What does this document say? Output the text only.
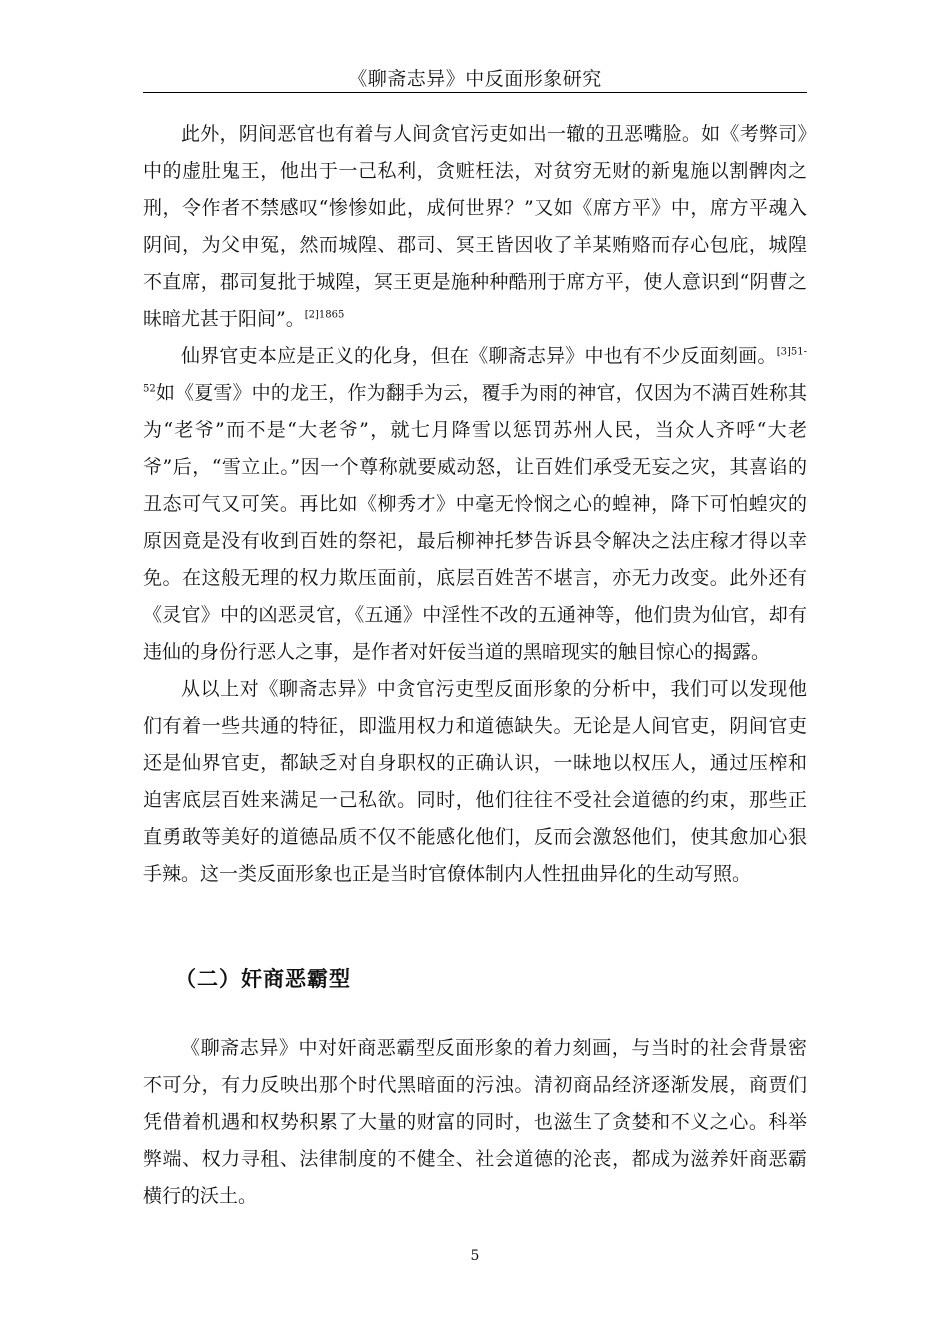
《聊斋志异》中反面形象研究

此外，阴间恶官也有着与人间贪官污吏如出一辙的丑恶嘴脸。如《考弊司》中的虚肚鬼王，他出于一己私利，贪赃枉法，对贫穷无财的新鬼施以割髀肉之刑，令作者不禁感叹“惨惨如此，成何世界？”又如《席方平》中，席方平魂入阴间，为父申冤，然而城隍、郡司、冥王皆因收了羊某贿赂而存心包庇，城隍不直席，郡司复批于城隍，冥王更是施种种酷刑于席方平，使人意识到“阴曹之昧暗尤甚于阳间”。$^{[2]1865}$

仙界官吏本应是正义的化身，但在《聊斋志异》中也有不少反面刻画。$^{[3]51-52}$如《夏雪》中的龙王，作为翻手为云，覆手为雨的神官，仅因为不满百姓称其为“老爷”而不是“大老爷”，就七月降雪以惩罚苏州人民，当众人齐呼“大老爷”后，“雪立止。”因一个尊称就要威动怒，让百姓们承受无妄之灾，其喜谄的丑态可气又可笑。再比如《柳秀才》中毫无怜悯之心的蝗神，降下可怕蝗灾的原因竟是没有收到百姓的祭祀，最后柳神托梦告诉县令解决之法庄稼才得以幸免。在这般无理的权力欺压面前，底层百姓苦不堪言，亦无力改变。此外还有《灵官》中的凶恶灵官，《五通》中淫性不改的五通神等，他们贵为仙官，却有违仙的身份行恶人之事，是作者对奸佞当道的黑暗现实的触目惊心的揭露。

从以上对《聊斋志异》中贪官污吏型反面形象的分析中，我们可以发现他们有着一些共通的特征，即滥用权力和道德缺失。无论是人间官吏，阴间官吏还是仙界官吏，都缺乏对自身职权的正确认识，一昧地以权压人，通过压榨和迫害底层百姓来满足一己私欲。同时，他们往往不受社会道德的约束，那些正直勇敢等美好的道德品质不仅不能感化他们，反而会激怒他们，使其愈加心狠手辣。这一类反面形象也正是当时官僚体制内人性扭曲异化的生动写照。

（二）奸商恶霸型

《聊斋志异》中对奸商恶霸型反面形象的着力刻画，与当时的社会背景密不可分，有力反映出那个时代黑暗面的污浊。清初商品经济逐渐发展，商贾们凭借着机遇和权势积累了大量的财富的同时，也滋生了贪婪和不义之心。科举弊端、权力寻租、法律制度的不健全、社会道德的沦丧，都成为滋养奸商恶霸横行的沃土。

5
